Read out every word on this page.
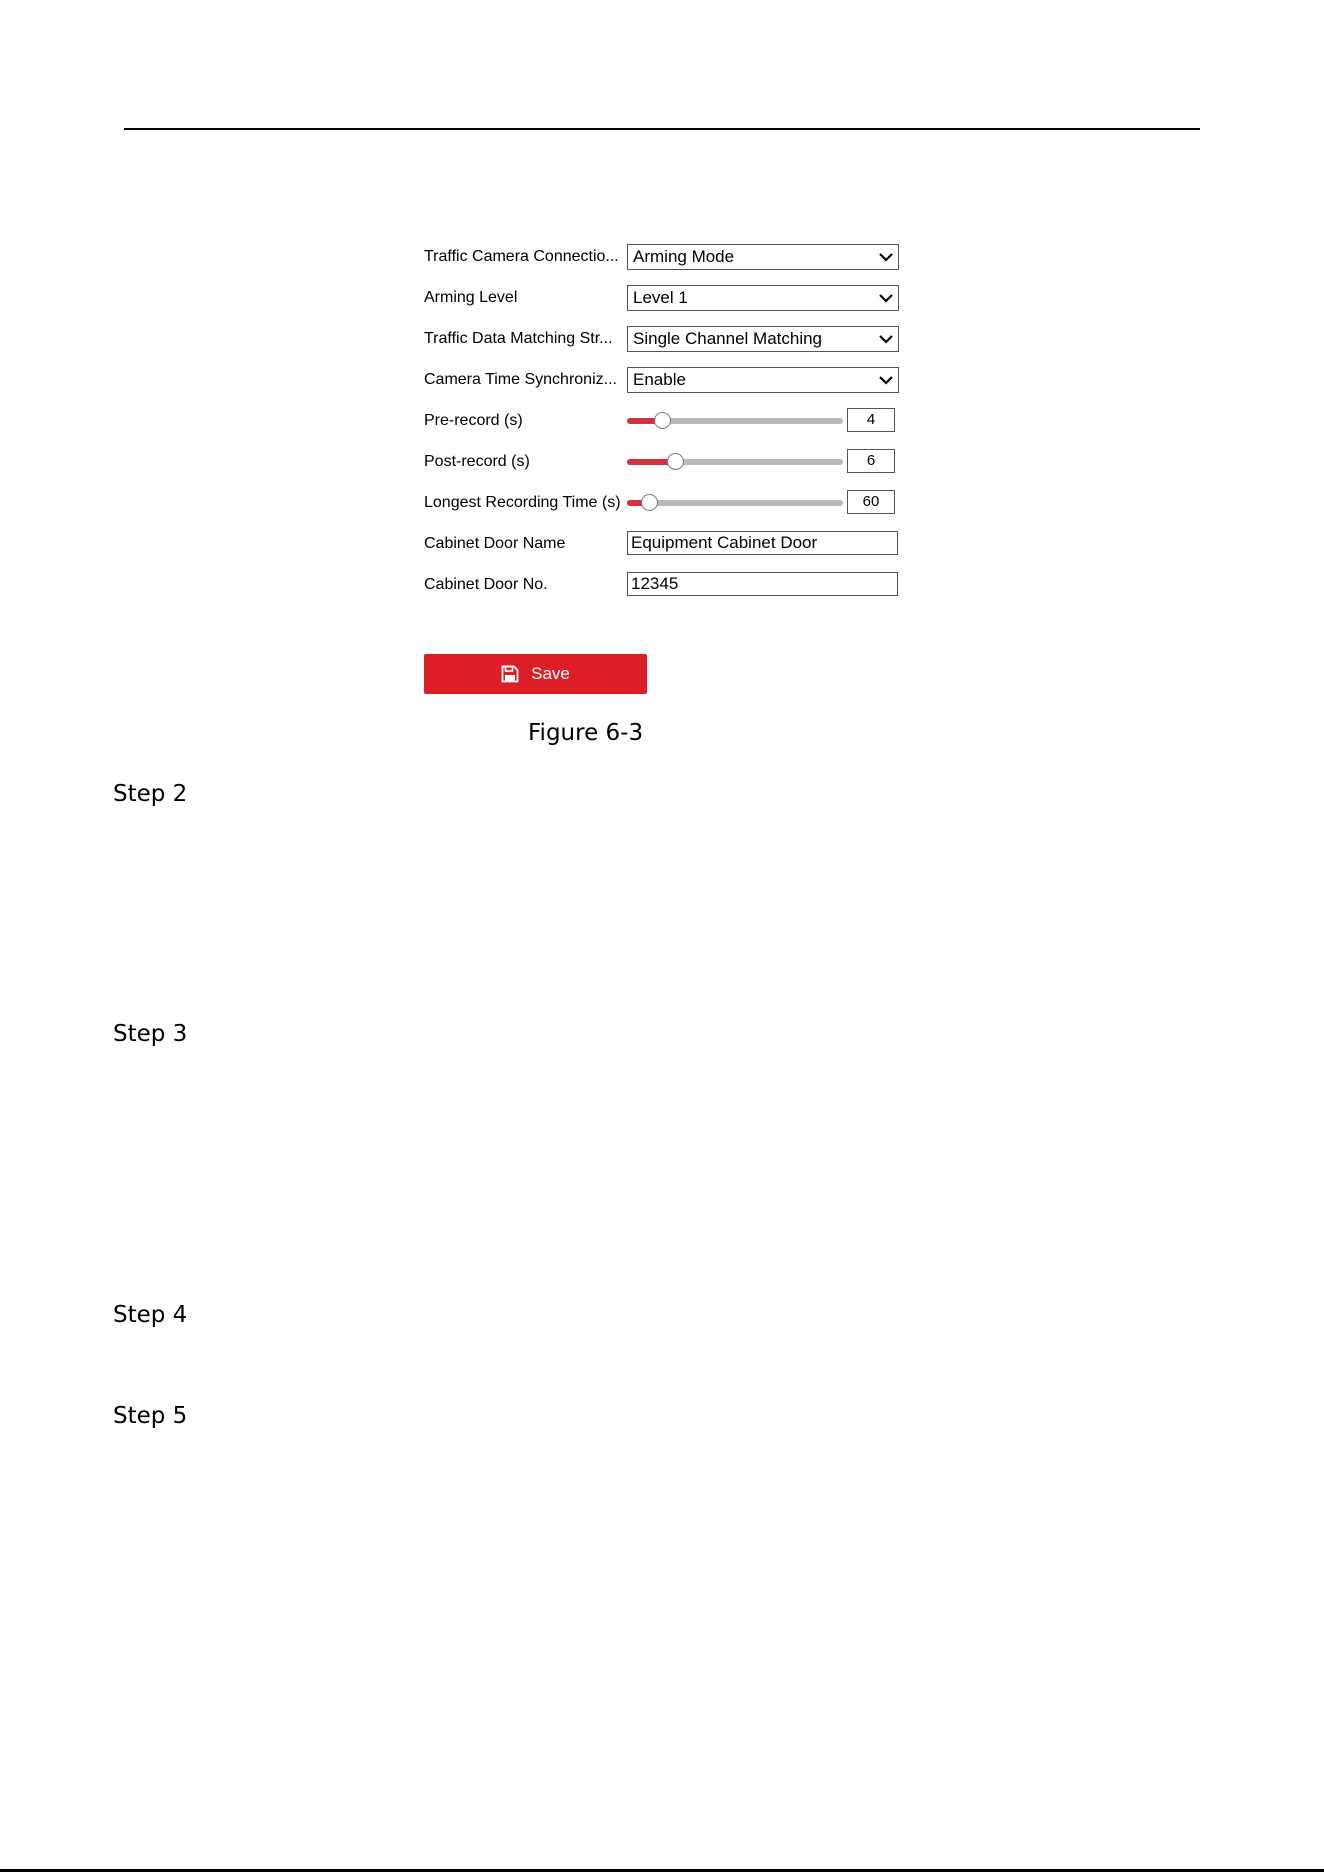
Traffic Camera Connectio... Arming Mode
Arming Level	Level 1
Traffic Data Matching Str...	Single Channel Matching
Camera Time Synchroniz... Enable
Pre-record (s)	4
Post-record (s)	6
Longest Recording Time (s)	60
Cabinet Door Name	Equipment Cabinet Door
Cabinet Door No.	12345
Save
Figure 6-3
Step 2
Step 3
Step 4
Step 5
